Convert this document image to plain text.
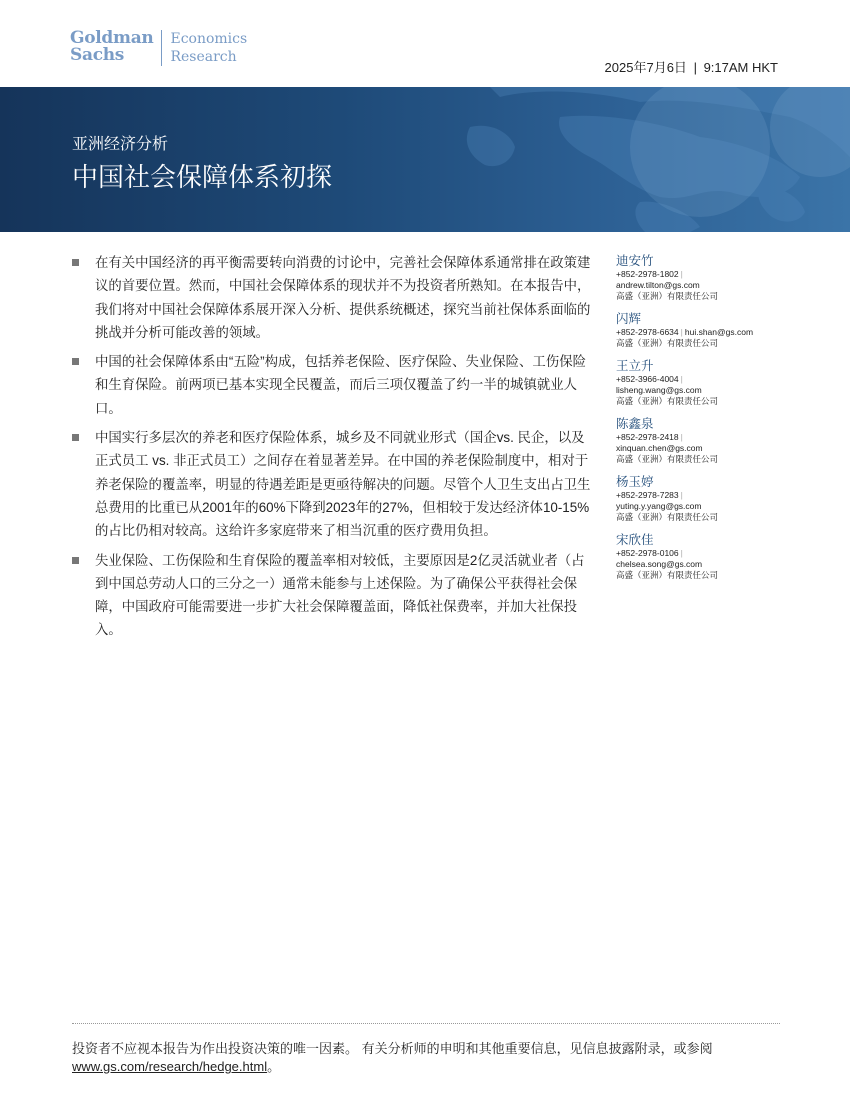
Goldman
Sachs
Economics
Research
2025年7月6日 | 9:17AM HKT
亚洲经济分析
中国社会保障体系初探
在有关中国经济的再平衡需要转向消费的讨论中，完善社会保障体系通常排在政策建议的首要位置。然而，中国社会保障体系的现状并不为投资者所熟知。在本报告中，我们将对中国社会保障体系展开深入分析、提供系统概述，探究当前社保体系面临的挑战并分析可能改善的领域。
中国的社会保障体系由“五险”构成，包括养老保险、医疗保险、失业保险、工伤保险和生育保险。前两项已基本实现全民覆盖，而后三项仅覆盖了约一半的城镇就业人口。
中国实行多层次的养老和医疗保险体系，城乡及不同就业形式（国企vs. 民企，以及正式员工 vs. 非正式员工）之间存在着显著差异。在中国的养老保险制度中，相对于养老保险的覆盖率，明显的待遇差距是更亟待解决的问题。尽管个人卫生支出占卫生总费用的比重已从2001年的60%下降到2023年的27%，但相较于发达经济体10-15%的占比仍相对较高。这给许多家庭带来了相当沉重的医疗费用负担。
失业保险、工伤保险和生育保险的覆盖率相对较低，主要原因是2亿灵活就业者（占到中国总劳动人口的三分之一）通常未能参与上述保险。为了确保公平获得社会保障，中国政府可能需要进一步扩大社会保障覆盖面，降低社保费率，并加大社保投入。
迪安竹
+852-2978-1802 |
andrew.tilton@gs.com
高盛（亚洲）有限责任公司
闪辉
+852-2978-6634 | hui.shan@gs.com
高盛（亚洲）有限责任公司
王立升
+852-3966-4004 |
lisheng.wang@gs.com
高盛（亚洲）有限责任公司
陈鑫泉
+852-2978-2418 |
xinquan.chen@gs.com
高盛（亚洲）有限责任公司
杨玉婷
+852-2978-7283 |
yuting.y.yang@gs.com
高盛（亚洲）有限责任公司
宋欣佳
+852-2978-0106 |
chelsea.song@gs.com
高盛（亚洲）有限责任公司
投资者不应视本报告为作出投资决策的唯一因素。 有关分析师的申明和其他重要信息，见信息披露附录，或参阅
www.gs.com/research/hedge.html。
